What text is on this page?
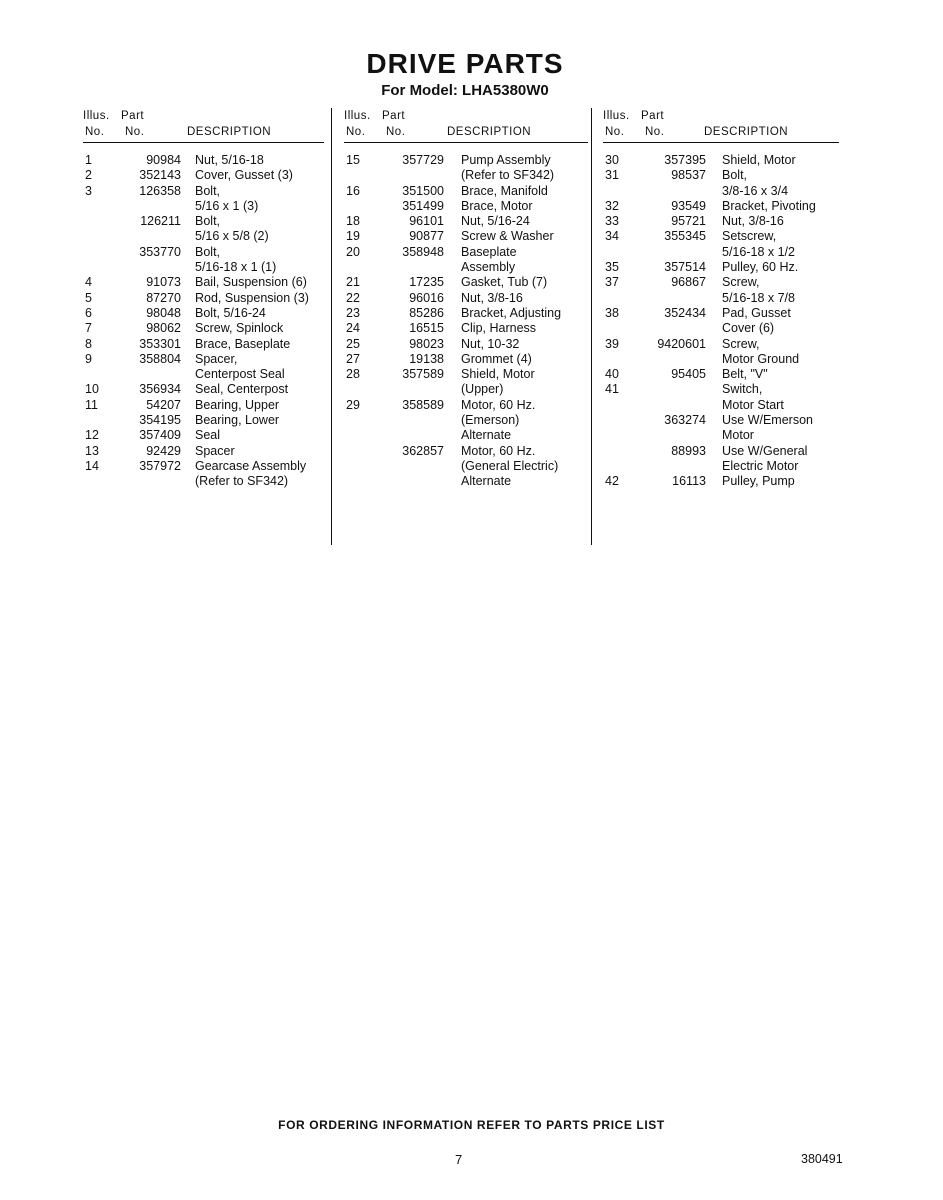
DRIVE PARTS
For Model: LHA5380W0
Illus. Part
No. No.	DESCRIPTION
1	90984 Nut, 5/16-18
2	352143 Cover, Gusset (3)
3	126358 Bolt,
5/16 x 1 (3)
126211 Bolt,
5/16 x 5/8 (2)
353770 Bolt,
5/16-18 x 1 (1)
4	91073 Bail, Suspension (6)
5	87270 Rod, Suspension (3)
6	98048 Bolt, 5/16-24
7	98062 Screw, Spinlock
8	353301 Brace, Baseplate
9	358804 Spacer,
Centerpost Seal
10	356934 Seal, Centerpost
11	54207 Bearing, Upper
354195 Bearing, Lower
12	357409 Seal
13	92429 Spacer
14	357972 Gearcase Assembly
(Refer to SF342)
Illus. Part
No. No.	DESCRIPTION
15	357729 Pump Assembly
(Refer to SF342)
16	351500 Brace, Manifold
351499 Brace, Motor
18	96101 Nut, 5/16-24
19	90877 Screw & Washer
20	358948 Baseplate
Assembly
21	17235 Gasket, Tub (7)
22	96016 Nut, 3/8-16
23	85286 Bracket, Adjusting
24	16515 Clip, Harness
25	98023 Nut, 10-32
27	19138 Grommet (4)
28	357589 Shield, Motor
(Upper)
29	358589 Motor, 60 Hz.
(Emerson)
Alternate
362857 Motor, 60 Hz.
(General Electric)
Alternate
Illus. Part
No. No.	DESCRIPTION
30	357395 Shield, Motor
31	98537 Bolt,
3/8-16 x 3/4
32	93549 Bracket, Pivoting
33	95721 Nut, 3/8-16
34	355345 Setscrew,
5/16-18 x 1/2
35	357514 Pulley, 60 Hz.
37	96867 Screw,
5/16-18 x 7/8
38	352434 Pad, Gusset
Cover (6)
39	9420601 Screw,
Motor Ground
40	95405 Belt, "V"
41	Switch,
Motor Start
363274 Use W/Emerson
Motor
88993 Use W/General
Electric Motor
42	16113 Pulley, Pump
FOR ORDERING INFORMATION REFER TO PARTS PRICE LIST
7	380491
